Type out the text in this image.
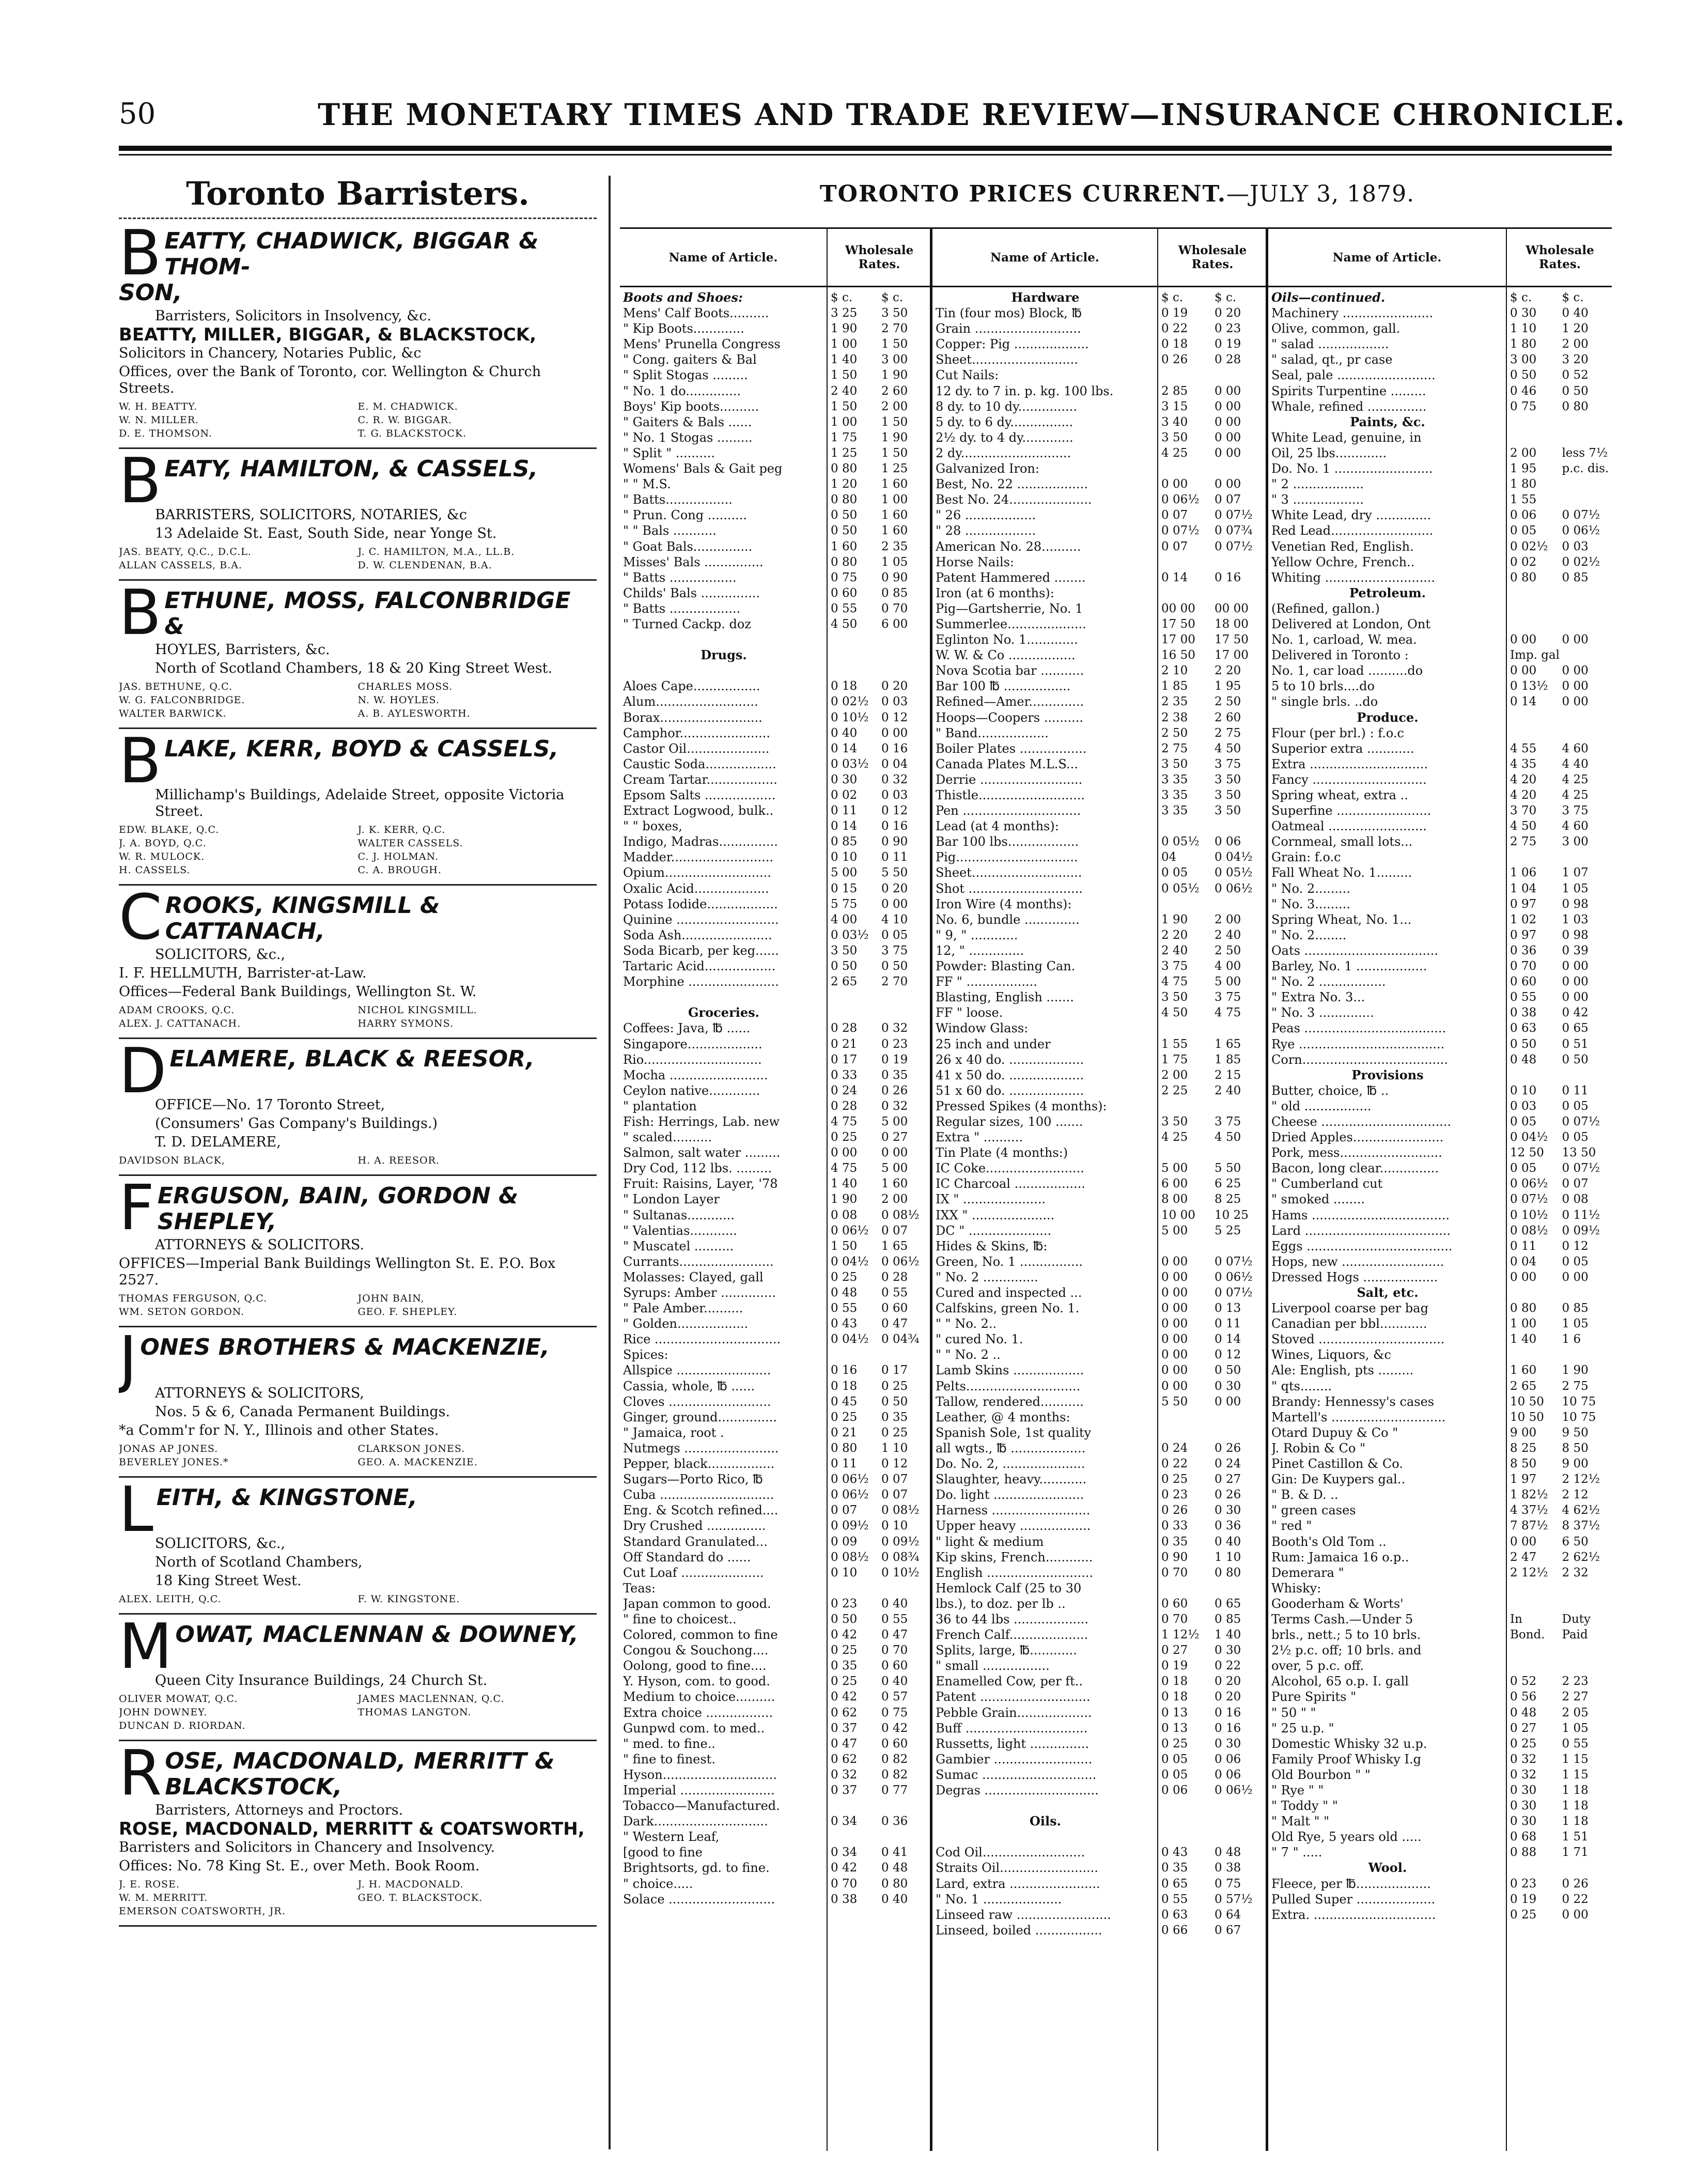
50	THE MONETARY TIMES AND TRADE REVIEW—INSURANCE CHRONICLE.
Toronto Barristers.
BEATTY, CHADWICK, BIGGAR & THOM-
SON,

Barristers, Solicitors in Insolvency, &c.

BEATTY, MILLER, BIGGAR, & BLACKSTOCK,

Solicitors in Chancery, Notaries Public, &c

Offices, over the Bank of Toronto, cor. Wellington & Church Streets.

W. H. BEATTY.	E. M. CHADWICK.
W. N. MILLER.	C. R. W. BIGGAR.
D. E. THOMSON.	T. G. BLACKSTOCK.
BEATY, HAMILTON, & CASSELS,

BARRISTERS, SOLICITORS, NOTARIES, &c

13 Adelaide St. East, South Side, near Yonge St.

JAS. BEATY, Q.C., D.C.L.	J. C. HAMILTON, M.A., LL.B.
ALLAN CASSELS, B.A.	D. W. CLENDENAN, B.A.
BETHUNE, MOSS, FALCONBRIDGE &

HOYLES, Barristers, &c.

North of Scotland Chambers, 18 & 20 King Street West.

JAS. BETHUNE, Q.C.	CHARLES MOSS.
W. G. FALCONBRIDGE.	N. W. HOYLES.
WALTER BARWICK.	A. B. AYLESWORTH.
BLAKE, KERR, BOYD & CASSELS,

Millichamp's Buildings, Adelaide Street, opposite Victoria Street.

EDW. BLAKE, Q.C.	J. K. KERR, Q.C.
J. A. BOYD, Q.C.	WALTER CASSELS.
W. R. MULOCK.	C. J. HOLMAN.
H. CASSELS.	C. A. BROUGH.
CROOKS, KINGSMILL & CATTANACH,

SOLICITORS, &c.,

I. F. HELLMUTH, Barrister-at-Law.

Offices—Federal Bank Buildings, Wellington St. W.

ADAM CROOKS, Q.C.	NICHOL KINGSMILL.
ALEX. J. CATTANACH.	HARRY SYMONS.
DELAMERE, BLACK & REESOR,

OFFICE—No. 17 Toronto Street,

(Consumers' Gas Company's Buildings.)

T. D. DELAMERE,

DAVIDSON BLACK,	H. A. REESOR.
FERGUSON, BAIN, GORDON & SHEPLEY,

ATTORNEYS & SOLICITORS.

OFFICES—Imperial Bank Buildings Wellington St. E. P.O. Box 2527.

THOMAS FERGUSON, Q.C.	JOHN BAIN,
WM. SETON GORDON.	GEO. F. SHEPLEY.
JONES BROTHERS & MACKENZIE,

ATTORNEYS & SOLICITORS,

Nos. 5 & 6, Canada Permanent Buildings.

*a Comm'r for N. Y., Illinois and other States.

JONAS AP JONES.	CLARKSON JONES.
BEVERLEY JONES.*	GEO. A. MACKENZIE.
LEITH, & KINGSTONE,

SOLICITORS, &c.,

North of Scotland Chambers,

18 King Street West.

ALEX. LEITH, Q.C.	F. W. KINGSTONE.
MOWAT, MACLENNAN & DOWNEY,

Queen City Insurance Buildings, 24 Church St.

OLIVER MOWAT, Q.C.	JAMES MACLENNAN, Q.C.
JOHN DOWNEY.	THOMAS LANGTON.
DUNCAN D. RIORDAN.
ROSE, MACDONALD, MERRITT &
BLACKSTOCK,

Barristers, Attorneys and Proctors.

ROSE, MACDONALD, MERRITT & COATSWORTH,

Barristers and Solicitors in Chancery and Insolvency.

Offices: No. 78 King St. E., over Meth. Book Room.

J. E. ROSE.	J. H. MACDONALD.
W. M. MERRITT.	GEO. T. BLACKSTOCK.
EMERSON COATSWORTH, JR.
TORONTO PRICES CURRENT.—JULY 3, 1879.
Name of Article.	Wholesale Rates.
Boots and Shoes:	$ c. $ c.
Mens' Calf Boots..........	3 25 3 50
" Kip Boots.............	1 90 2 70
Mens' Prunella Congress	1 00 1 50
" Cong. gaiters & Bal	1 40 3 00
" Split Stogas .........	1 50 1 90
" No. 1 do..............	2 40 2 60
Boys' Kip boots..........	1 50 2 00
" Gaiters & Bals ......	1 00 1 50
" No. 1 Stogas .........	1 75 1 90
" Split " ..........	1 25 1 50
Womens' Bals & Gait peg	0 80 1 25
" " M.S.	1 20 1 60
" Batts.................	0 80 1 00
" Prun. Cong ..........	0 50 1 60
" " Bals ...........	0 50 1 60
" Goat Bals...............	1 60 2 35
Misses' Bals ...............	0 80 1 05
" Batts .................	0 75 0 90
Childs' Bals ...............	0 60 0 85
" Batts ..................	0 55 0 70
" Turned Cackp. doz	4 50 6 00
Drugs.
Aloes Cape.................	0 18 0 20
Alum..........................	0 02½ 0 03
Borax..........................	0 10½ 0 12
Camphor.......................	0 40 0 00
Castor Oil.....................	0 14 0 16
Caustic Soda..................	0 03½ 0 04
Cream Tartar..................	0 30 0 32
Epsom Salts ..................	0 02 0 03
Extract Logwood, bulk..	0 11 0 12
" " boxes,	0 14 0 16
Indigo, Madras...............	0 85 0 90
Madder..........................	0 10 0 11
Opium...........................	5 00 5 50
Oxalic Acid...................	0 15 0 20
Potass Iodide..................	5 75 0 00
Quinine ..........................	4 00 4 10
Soda Ash.......................	0 03½ 0 05
Soda Bicarb, per keg......	3 50 3 75
Tartaric Acid..................	0 50 0 50
Morphine .......................	2 65 2 70
Groceries.
Coffees: Java, ℔ ......	0 28 0 32
Singapore...................	0 21 0 23
Rio..............................	0 17 0 19
Mocha .........................	0 33 0 35
Ceylon native.............	0 24 0 26
" plantation	0 28 0 32
Fish: Herrings, Lab. new	4 75 5 00
" scaled..........	0 25 0 27
Salmon, salt water .........	0 00 0 00
Dry Cod, 112 lbs. .........	4 75 5 00
Fruit: Raisins, Layer, '78	1 40 1 60
" London Layer	1 90 2 00
" Sultanas............	0 08 0 08½
" Valentias............	0 06½ 0 07
" Muscatel ..........	1 50 1 65
Currants........................	0 04½ 0 06½
Molasses: Clayed, gall	0 25 0 28
Syrups: Amber ..............	0 48 0 55
" Pale Amber..........	0 55 0 60
" Golden..................	0 43 0 47
Rice ................................	0 04½ 0 04¾
Spices:
Allspice ........................	0 16 0 17
Cassia, whole, ℔ ......	0 18 0 25
Cloves ..........................	0 45 0 50
Ginger, ground...............	0 25 0 35
" Jamaica, root .	0 21 0 25
Nutmegs ........................	0 80 1 10
Pepper, black.................	0 11 0 12
Sugars—Porto Rico, ℔	0 06½ 0 07
Cuba .............................	0 06½ 0 07
Eng. & Scotch refined....	0 07 0 08½
Dry Crushed ...............	0 09½ 0 10
Standard Granulated...	0 09 0 09½
Off Standard do ......	0 08½ 0 08¾
Cut Loaf .....................	0 10 0 10½
Teas:
Japan common to good.	0 23 0 40
" fine to choicest..	0 50 0 55
Colored, common to fine	0 42 0 47
Congou & Souchong....	0 25 0 70
Oolong, good to fine....	0 35 0 60
Y. Hyson, com. to good.	0 25 0 40
Medium to choice..........	0 42 0 57
Extra choice .................	0 62 0 75
Gunpwd com. to med..	0 37 0 42
" med. to fine..	0 47 0 60
" fine to finest.	0 62 0 82
Hyson.............................	0 32 0 82
Imperial ........................	0 37 0 77
Tobacco—Manufactured.
Dark.............................	0 34 0 36
" Western Leaf,
[good to fine	0 34 0 41
Brightsorts, gd. to fine.	0 42 0 48
" choice.....	0 70 0 80
Solace ...........................	0 38 0 40
Name of Article.	Wholesale Rates.
Hardware	$ c.	$ c.
Tin (four mos) Block, ℔	0 19 0 20
Grain ...........................	0 22 0 23
Copper: Pig ...................	0 18 0 19
Sheet...........................	0 26 0 28
Cut Nails:
12 dy. to 7 in. p. kg. 100 lbs.	2 85 0 00
8 dy. to 10 dy...............	3 15 0 00
5 dy. to 6 dy................	3 40 0 00
2½ dy. to 4 dy.............	3 50 0 00
2 dy............................	4 25 0 00
Galvanized Iron:
Best, No. 22 ..................	0 00 0 00
Best No. 24.....................	0 06½ 0 07
" 26 ..................	0 07 0 07½
" 28 ..................	0 07½ 0 07¾
American No. 28..........	0 07 0 07½
Horse Nails:
Patent Hammered ........	0 14 0 16
Iron (at 6 months):
Pig—Gartsherrie, No. 1	00 00 00 00
Summerlee....................	17 50 18 00
Eglinton No. 1.............	17 00 17 50
W. W. & Co .................	16 50 17 00
Nova Scotia bar ...........	2 10 2 20
Bar 100 ℔ .................	1 85 1 95
Refined—Amer..............	2 35 2 50
Hoops—Coopers ..........	2 38 2 60
" Band..................	2 50 2 75
Boiler Plates .................	2 75 4 50
Canada Plates M.L.S...	3 50 3 75
Derrie ..........................	3 35 3 50
Thistle...........................	3 35 3 50
Pen ..............................	3 35 3 50
Lead (at 4 months):
Bar 100 lbs..................	0 05½ 0 06
Pig...............................	04	0 04½
Sheet............................	0 05 0 05½
Shot .............................	0 05½ 0 06½
Iron Wire (4 months):
No. 6, bundle ..............	1 90 2 00
" 9, " ............	2 20 2 40
12, " ..............	2 40 2 50
Powder: Blasting Can.	3 75 4 00
FF " ..................	4 75 5 00
Blasting, English .......	3 50 3 75
FF " loose.	4 50 4 75
Window Glass:
25 inch and under	1 55 1 65
26 x 40 do. ...................	1 75 1 85
41 x 50 do. ...................	2 00 2 15
51 x 60 do. ...................	2 25 2 40
Pressed Spikes (4 months):
Regular sizes, 100 .......	3 50 3 75
Extra " ..........	4 25 4 50
Tin Plate (4 months:)
IC Coke.........................	5 00 5 50
IC Charcoal ..................	6 00 6 25
IX " .....................	8 00 8 25
IXX " .....................	10 00 10 25
DC " .....................	5 00 5 25
Hides & Skins, ℔:
Green, No. 1 ................	0 00 0 07½
" No. 2 ..............	0 00 0 06½
Cured and inspected ...	0 00 0 07½
Calfskins, green No. 1.	0 00 0 13
" " No. 2..	0 00 0 11
" cured No. 1.	0 00 0 14
" " No. 2 ..	0 00 0 12
Lamb Skins ..................	0 00 0 50
Pelts.............................	0 00 0 30
Tallow, rendered...........	5 50 0 00
Leather, @ 4 months:
Spanish Sole, 1st quality
all wgts., ℔ ...................	0 24 0 26
Do. No. 2, .....................	0 22 0 24
Slaughter, heavy............	0 25 0 27
Do. light .......................	0 23 0 26
Harness .........................	0 26 0 30
Upper heavy ..................	0 33 0 36
" light & medium	0 35 0 40
Kip skins, French............	0 90 1 10
English ...........................	0 70 0 80
Hemlock Calf (25 to 30
lbs.), to doz. per lb ..	0 60 0 65
36 to 44 lbs ...................	0 70 0 85
French Calf....................	1 12½ 1 40
Splits, large, ℔............	0 27 0 30
" small .................	0 19 0 22
Enamelled Cow, per ft..	0 18 0 20
Patent ............................	0 18 0 20
Pebble Grain...................	0 13 0 16
Buff ...............................	0 13 0 16
Russetts, light ...............	0 25 0 30
Gambier .........................	0 05 0 06
Sumac .............................	0 05 0 06
Degras .............................	0 06 0 06½
Oils.
Cod Oil..........................	0 43 0 48
Straits Oil.........................	0 35 0 38
Lard, extra .......................	0 65 0 75
" No. 1 ....................	0 55 0 57½
Linseed raw ........................	0 63 0 64
Linseed, boiled .................	0 66 0 67
Name of Article.	Wholesale Rates.
Oils—continued.	$ c.	$ c.
Machinery .......................	0 30 0 40
Olive, common, gall.	1 10 1 20
" salad ..................	1 80 2 00
" salad, qt., pr case	3 00 3 20
Seal, pale .........................	0 50 0 52
Spirits Turpentine .........	0 46 0 50
Whale, refined ...............	0 75 0 80
Paints, &c.
White Lead, genuine, in
Oil, 25 lbs.............	2 00 less 7½
Do. No. 1 .........................	1 95 p.c. dis.
" 2 ..................	1 80
" 3 ..................	1 55
White Lead, dry ..............	0 06 0 07½
Red Lead..........................	0 05 0 06½
Venetian Red, English.	0 02½ 0 03
Yellow Ochre, French..	0 02 0 02½
Whiting ............................	0 80 0 85
Petroleum.
(Refined, gallon.)
Delivered at London, Ont
No. 1, carload, W. mea.	0 00 0 00
Delivered in Toronto :	Imp. gal
No. 1, car load ..........do	0 00 0 00
5 to 10 brls....do	0 13½ 0 00
" single brls. ..do	0 14 0 00
Produce.
Flour (per brl.) : f.o.c
Superior extra ............	4 55 4 60
Extra ..............................	4 35 4 40
Fancy .............................	4 20 4 25
Spring wheat, extra ..	4 20 4 25
Superfine ........................	3 70 3 75
Oatmeal .........................	4 50 4 60
Cornmeal, small lots...	2 75 3 00
Grain: f.o.c
Fall Wheat No. 1.........	1 06 1 07
" No. 2.........	1 04 1 05
" No. 3.........	0 97 0 98
Spring Wheat, No. 1...	1 02 1 03
" No. 2........	0 97 0 98
Oats ..................................	0 36 0 39
Barley, No. 1 ..................	0 70 0 00
" No. 2 .................	0 60 0 00
" Extra No. 3...	0 55 0 00
" No. 3 ..............	0 38 0 42
Peas ....................................	0 63 0 65
Rye .....................................	0 50 0 51
Corn.....................................	0 48 0 50
Provisions
Butter, choice, ℔ ..	0 10 0 11
" old .................	0 03 0 05
Cheese .................................	0 05 0 07½
Dried Apples.......................	0 04½ 0 05
Pork, mess..........................	12 50 13 50
Bacon, long clear...............	0 05 0 07½
" Cumberland cut	0 06½ 0 07
" smoked ........	0 07½ 0 08
Hams ...................................	0 10½ 0 11½
Lard .....................................	0 08½ 0 09½
Eggs .....................................	0 11 0 12
Hops, new ..........................	0 04 0 05
Dressed Hogs ...................	0 00 0 00
Salt, etc.
Liverpool coarse per bag	0 80 0 85
Canadian per bbl............	1 00 1 05
Stoved ................................	1 40 1 6
Wines, Liquors, &c
Ale: English, pts .........	1 60 1 90
" qts........	2 65 2 75
Brandy: Hennessy's cases	10 50 10 75
Martell's .............................	10 50 10 75
Otard Dupuy & Co "	9 00 9 50
J. Robin & Co "	8 25 8 50
Pinet Castillon & Co.	8 50 9 00
Gin: De Kuypers gal..	1 97 2 12½
" B. & D. ..	1 82½ 2 12
" green cases	4 37½ 4 62½
" red "	7 87½ 8 37½
Booth's Old Tom ..	0 00 6 50
Rum: Jamaica 16 o.p..	2 47 2 62½
Demerara "	2 12½ 2 32
Whisky:
Gooderham & Worts'
Terms Cash.—Under 5	In	Duty
brls., nett.; 5 to 10 brls.	Bond. Paid
2½ p.c. off; 10 brls. and
over, 5 p.c. off.
Alcohol, 65 o.p. I. gall	0 52 2 23
Pure Spirits "	0 56 2 27
" 50 " "	0 48 2 05
" 25 u.p. "	0 27 1 05
Domestic Whisky 32 u.p.	0 25 0 55
Family Proof Whisky I.g	0 32 1 15
Old Bourbon " "	0 32 1 15
" Rye " "	0 30 1 18
" Toddy " "	0 30 1 18
" Malt " "	0 30 1 18
Old Rye, 5 years old .....	0 68 1 51
" 7 " .....	0 88 1 71
Wool.
Fleece, per ℔...................	0 23 0 26
Pulled Super ....................	0 19 0 22
Extra. ...............................	0 25 0 00
